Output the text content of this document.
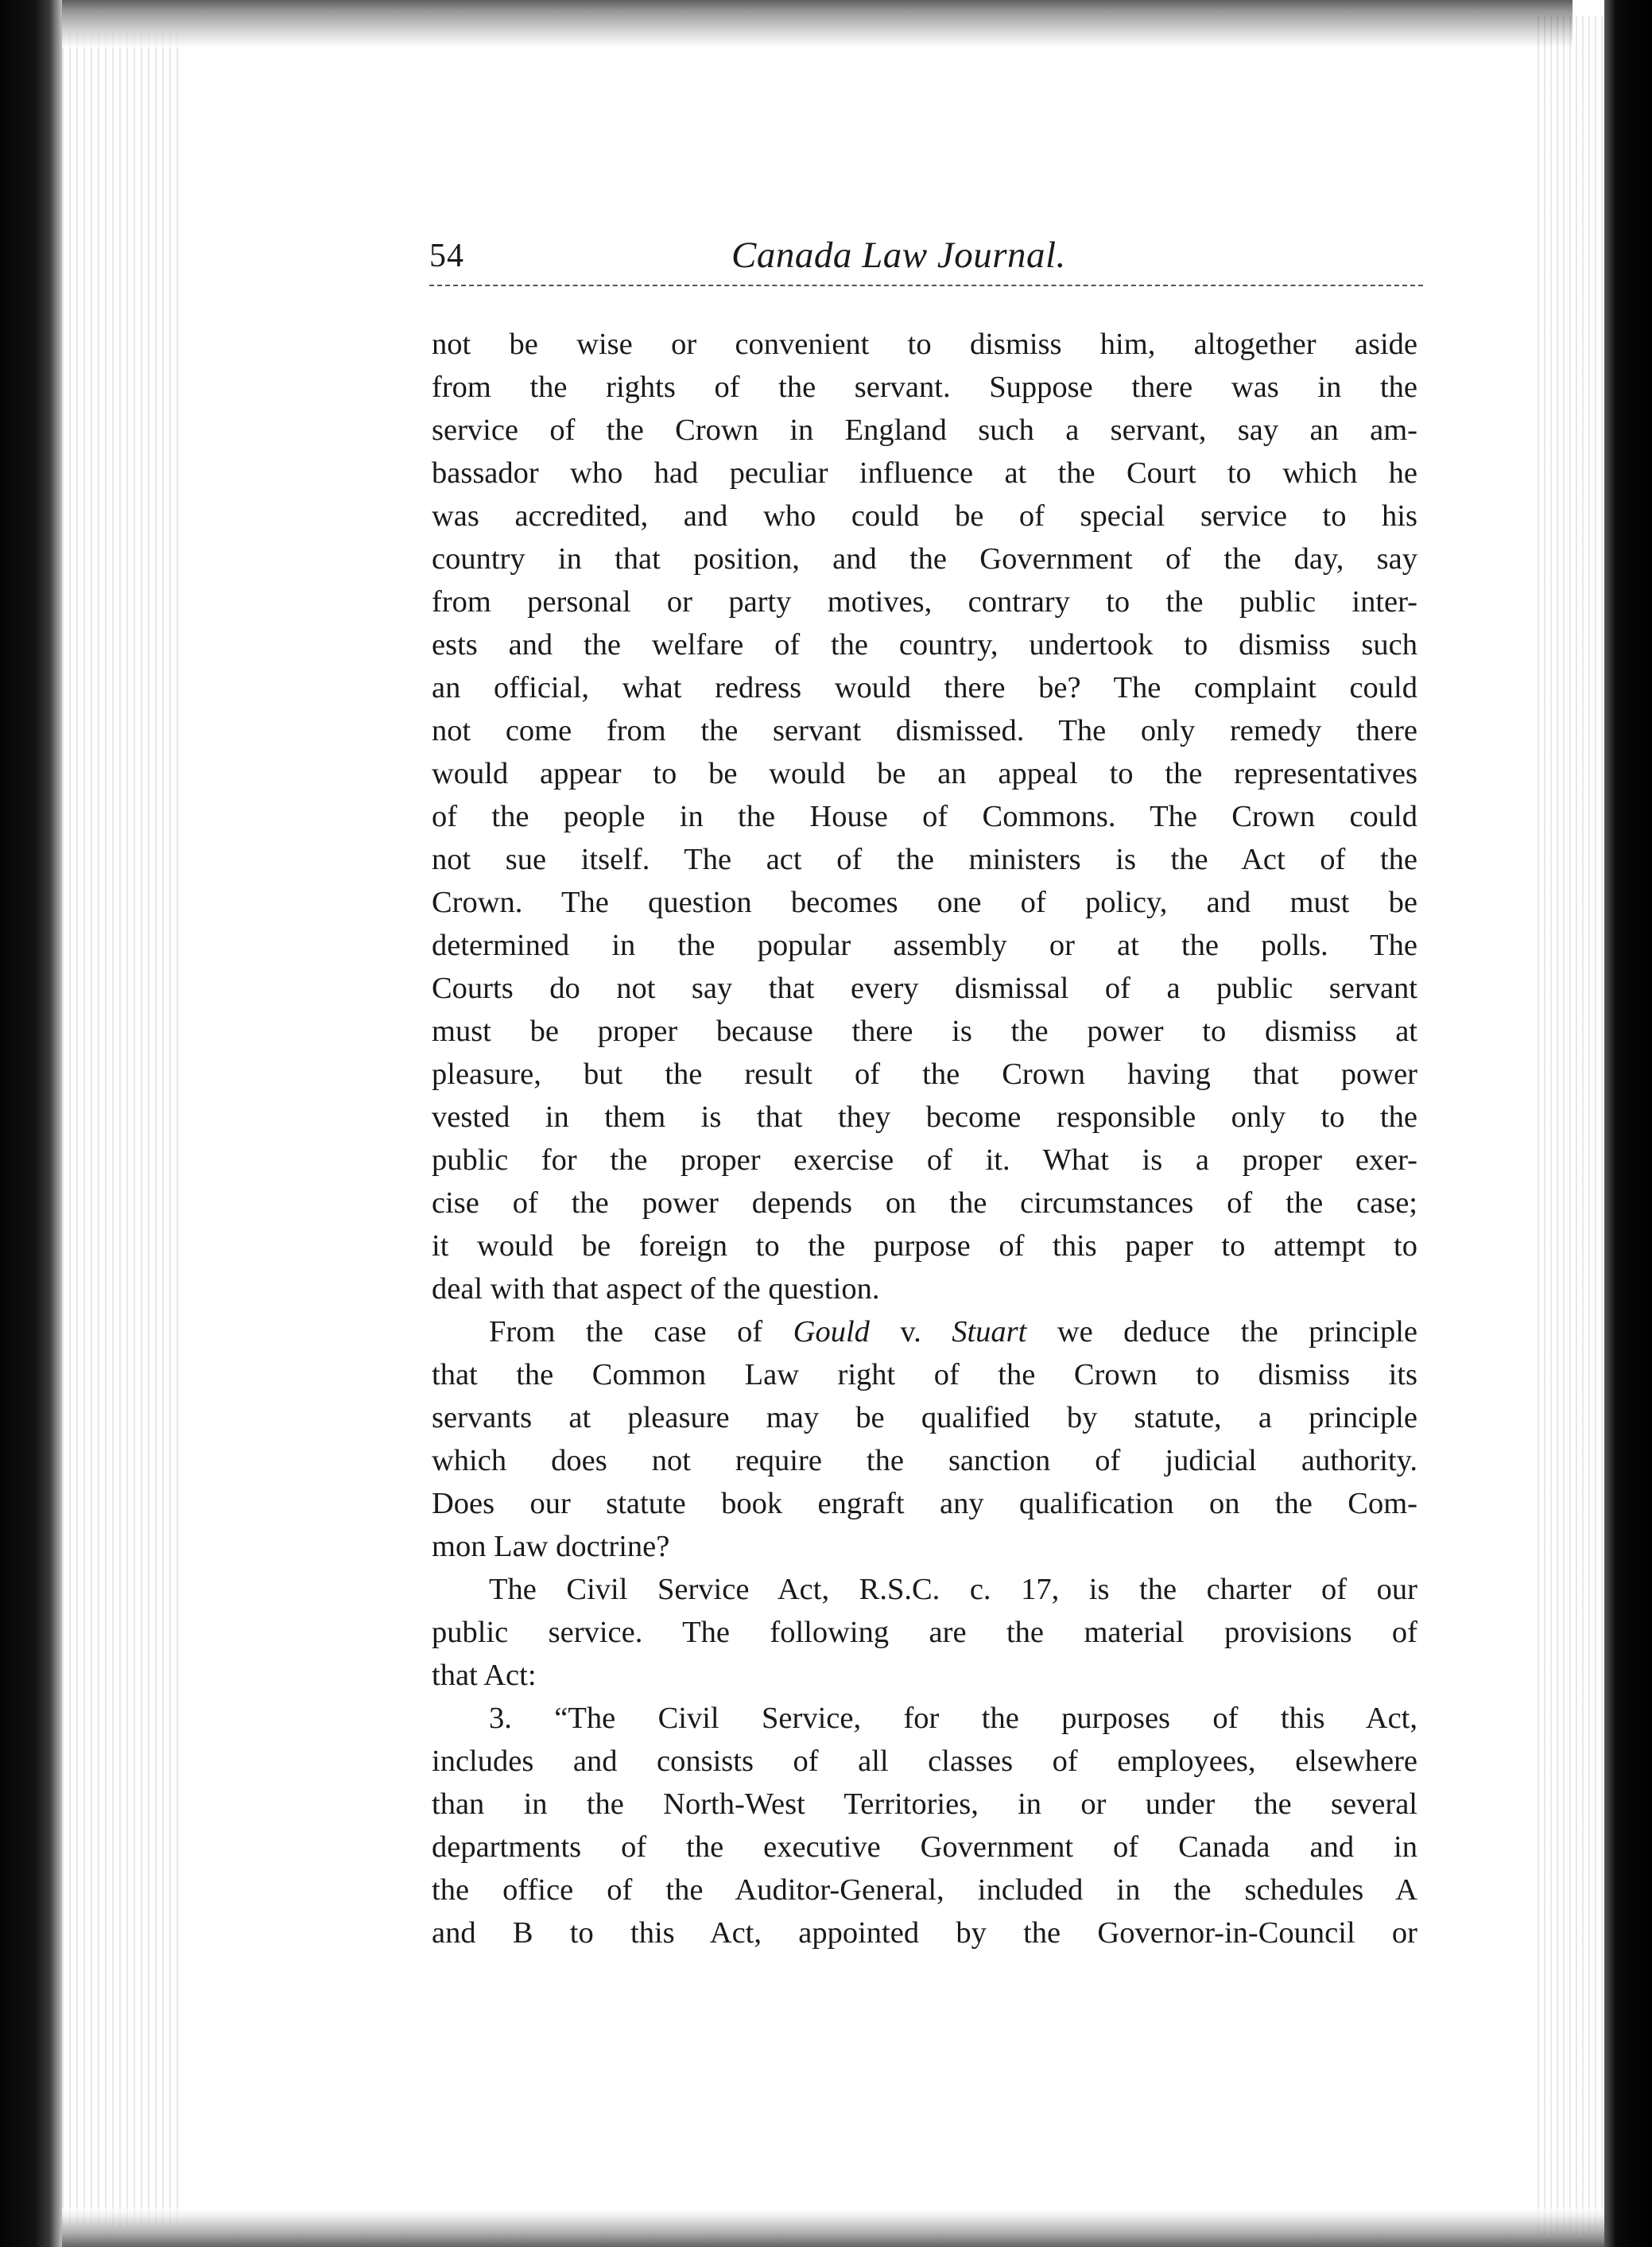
54	Canada Law Journal.
not be wise or convenient to dismiss him, altogether aside
from the rights of the servant. Suppose there was in the
service of the Crown in England such a servant, say an am-
bassador who had peculiar influence at the Court to which he
was accredited, and who could be of special service to his
country in that position, and the Government of the day, say
from personal or party motives, contrary to the public inter-
ests and the welfare of the country, undertook to dismiss such
an official, what redress would there be? The complaint could
not come from the servant dismissed. The only remedy there
would appear to be would be an appeal to the representatives
of the people in the House of Commons. The Crown could
not sue itself. The act of the ministers is the Act of the
Crown. The question becomes one of policy, and must be
determined in the popular assembly or at the polls. The
Courts do not say that every dismissal of a public servant
must be proper because there is the power to dismiss at
pleasure, but the result of the Crown having that power
vested in them is that they become responsible only to the
public for the proper exercise of it. What is a proper exer-
cise of the power depends on the circumstances of the case;
it would be foreign to the purpose of this paper to attempt to
deal with that aspect of the question.
From the case of Gould v. Stuart we deduce the principle
that the Common Law right of the Crown to dismiss its
servants at pleasure may be qualified by statute, a principle
which does not require the sanction of judicial authority.
Does our statute book engraft any qualification on the Com-
mon Law doctrine?
The Civil Service Act, R.S.C. c. 17, is the charter of our
public service. The following are the material provisions of
that Act:
3. “The Civil Service, for the purposes of this Act,
includes and consists of all classes of employees, elsewhere
than in the North-West Territories, in or under the several
departments of the executive Government of Canada and in
the office of the Auditor-General, included in the schedules A
and B to this Act, appointed by the Governor-in-Council or
